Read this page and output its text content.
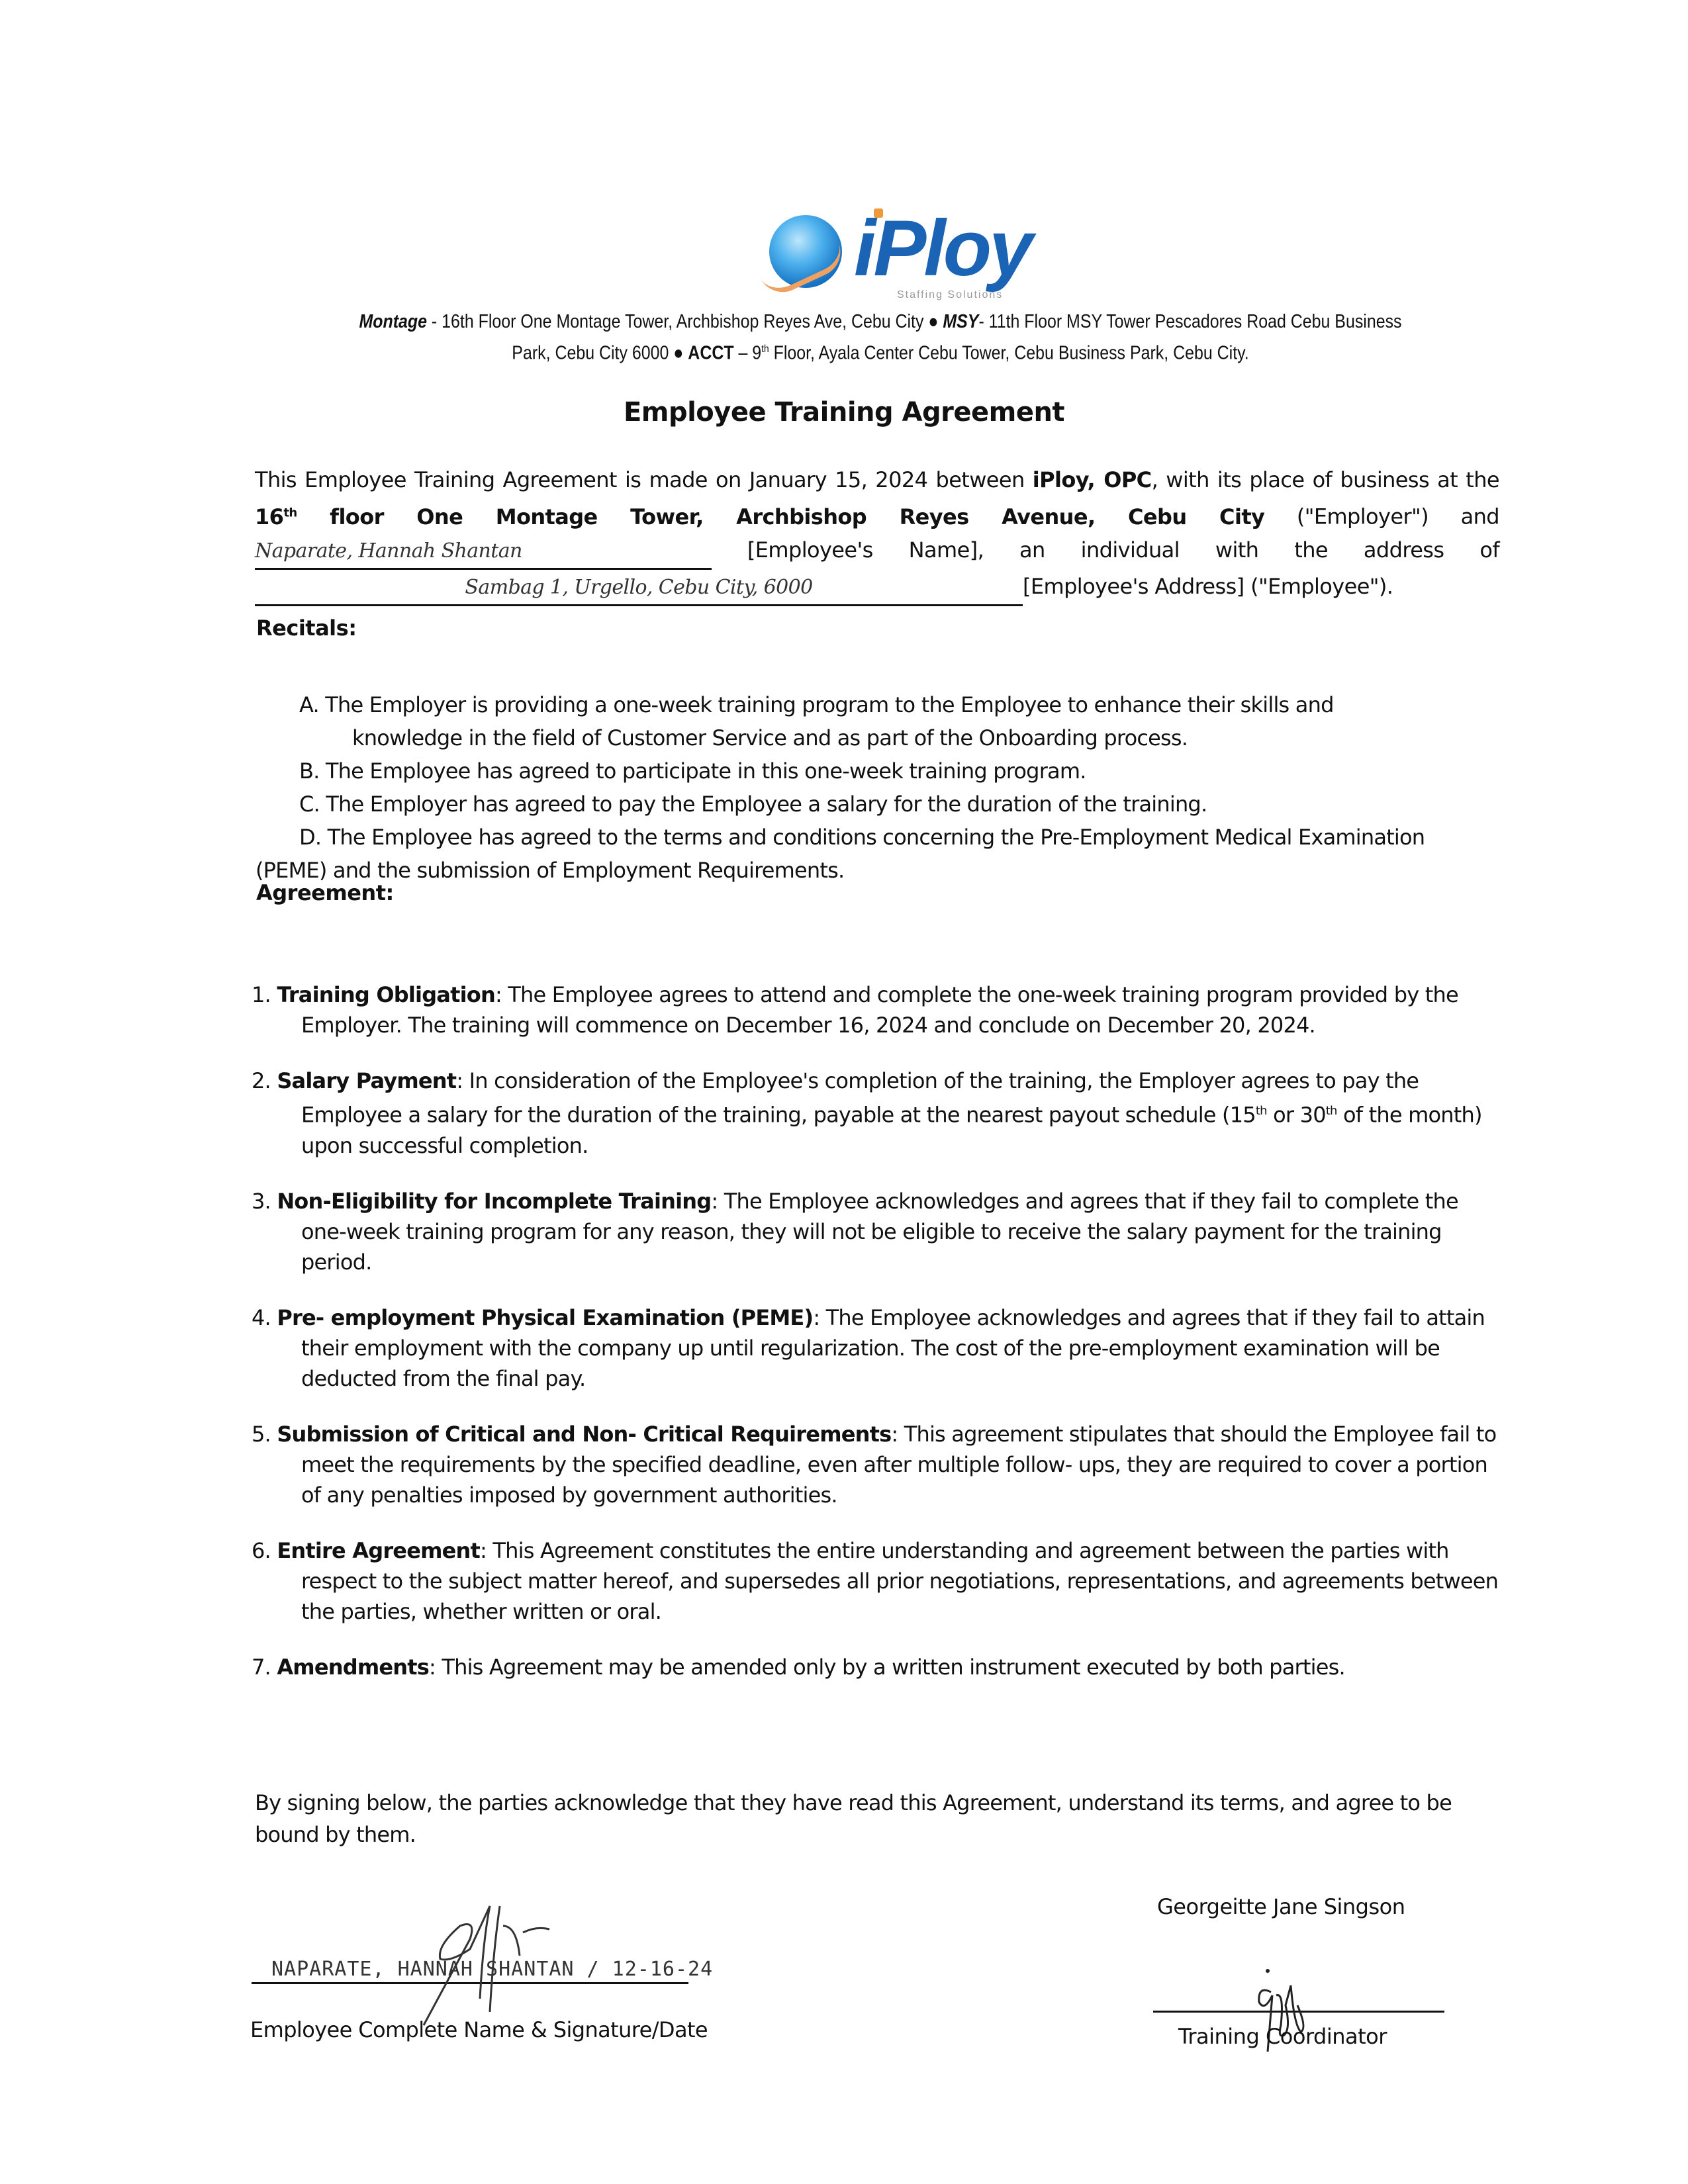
iPloy
Staffing Solutions
Montage - 16th Floor One Montage Tower, Archbishop Reyes Ave, Cebu City ● MSY- 11th Floor MSY Tower Pescadores Road Cebu Business Park, Cebu City 6000 ● ACCT – 9th Floor, Ayala Center Cebu Tower, Cebu Business Park, Cebu City.
Employee Training Agreement
This Employee Training Agreement is made on January 15, 2024 between iPloy, OPC, with its place of business at the 16th floor One Montage Tower, Archbishop Reyes Avenue, Cebu City ("Employer") and Naparate, Hannah Shantan	[Employee's Name], an individual with the address of Sambag 1, Urgello, Cebu City, 6000	[Employee's Address] ("Employee").
Recitals:
A. The Employer is providing a one-week training program to the Employee to enhance their skills and
knowledge in the field of Customer Service and as part of the Onboarding process.
B. The Employee has agreed to participate in this one-week training program.
C. The Employer has agreed to pay the Employee a salary for the duration of the training.
D. The Employee has agreed to the terms and conditions concerning the Pre-Employment Medical Examination
(PEME) and the submission of Employment Requirements.
Agreement:
1. Training Obligation: The Employee agrees to attend and complete the one-week training program provided by the Employer. The training will commence on December 16, 2024 and conclude on December 20, 2024.
2. Salary Payment: In consideration of the Employee's completion of the training, the Employer agrees to pay the Employee a salary for the duration of the training, payable at the nearest payout schedule (15th or 30th of the month) upon successful completion.
3. Non-Eligibility for Incomplete Training: The Employee acknowledges and agrees that if they fail to complete the one-week training program for any reason, they will not be eligible to receive the salary payment for the training period.
4. Pre- employment Physical Examination (PEME): The Employee acknowledges and agrees that if they fail to attain their employment with the company up until regularization. The cost of the pre-employment examination will be deducted from the final pay.
5. Submission of Critical and Non- Critical Requirements: This agreement stipulates that should the Employee fail to meet the requirements by the specified deadline, even after multiple follow- ups, they are required to cover a portion of any penalties imposed by government authorities.
6. Entire Agreement: This Agreement constitutes the entire understanding and agreement between the parties with respect to the subject matter hereof, and supersedes all prior negotiations, representations, and agreements between the parties, whether written or oral.
7. Amendments: This Agreement may be amended only by a written instrument executed by both parties.
By signing below, the parties acknowledge that they have read this Agreement, understand its terms, and agree to be bound by them.
NAPARATE, HANNAH SHANTAN / 12-16-24
Employee Complete Name & Signature/Date
Georgeitte Jane Singson
Training Coordinator
